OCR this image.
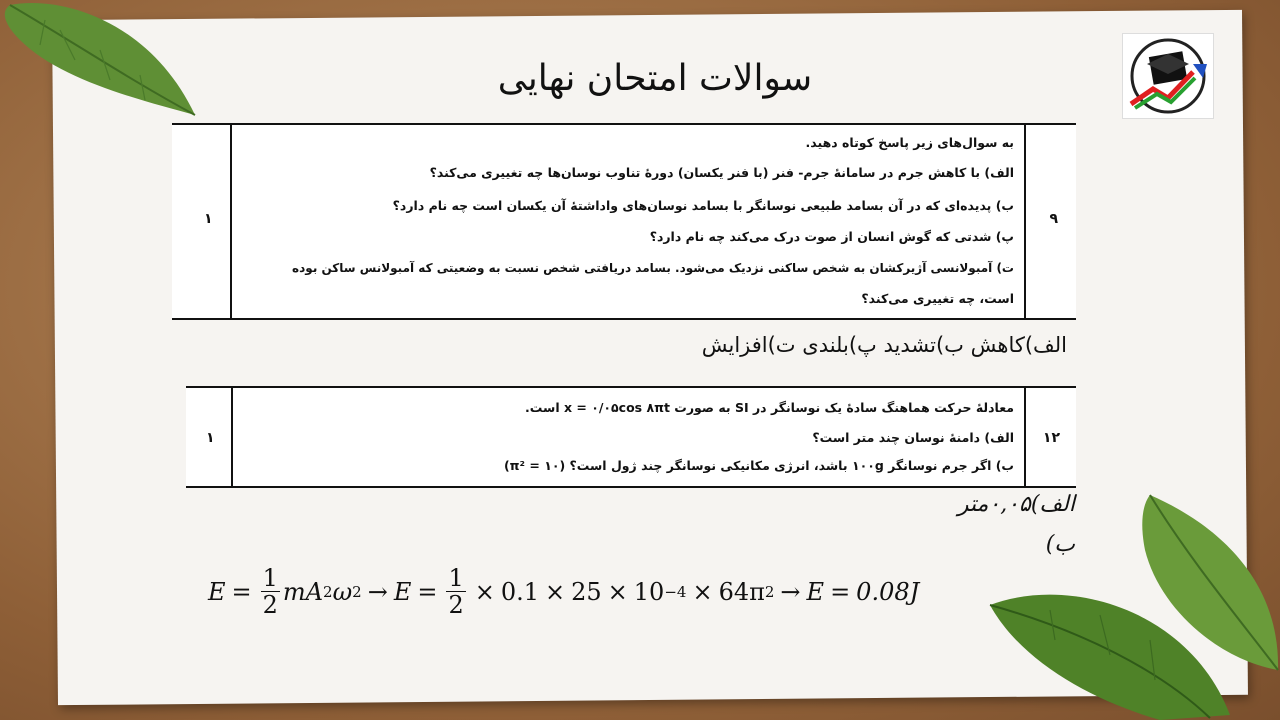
سوالات امتحان نهایی
۹
۱
به سوال‌های زیر پاسخ کوتاه دهید.
الف) با کاهش جرم در سامانهٔ جرم- فنر (با فنر یکسان) دورهٔ تناوب نوسان‌ها چه تغییری می‌کند؟
ب) پدیده‌ای که در آن بسامد طبیعی نوسانگر با بسامد نوسان‌های واداشتهٔ آن یکسان است چه نام دارد؟
پ) شدتی که گوش انسان از صوت درک می‌کند چه نام دارد؟
ت) آمبولانسی آژیرکشان به شخص ساکنی نزدیک می‌شود. بسامد دریافتی شخص نسبت به وضعیتی که آمبولانس ساکن بوده
است، چه تغییری می‌کند؟
الف)کاهش ب)تشدید پ)بلندی ت)افزایش
۱۲
۱
معادلهٔ حرکت هماهنگ سادهٔ یک نوسانگر در SI به صورت x = ۰/۰۵cos ۸πt است.
الف) دامنهٔ نوسان چند متر است؟
ب) اگر جرم نوسانگر ۱۰۰g باشد، انرژی مکانیکی نوسانگر چند ژول است؟ (π² = ۱۰)
الف)۰,۰۵متر
ب)
$E = \frac{1}{2}$ m A 2 ω $2 \to E = \frac{1}{2} \times 0.1 \times 25 \times 10 -4 \times 64\pi$ 2 → E = 0.08J
